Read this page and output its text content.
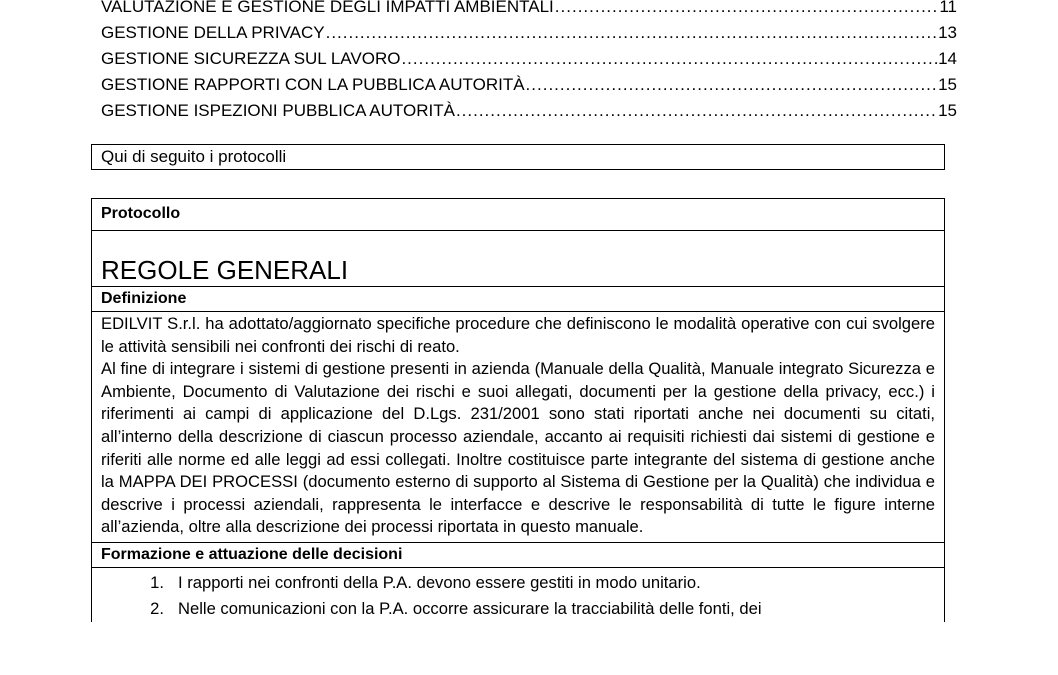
VALUTAZIONE E GESTIONE DEGLI IMPATTI AMBIENTALI .....	11
GESTIONE DELLA PRIVACY .....	13
GESTIONE SICUREZZA SUL LAVORO .....	14
GESTIONE RAPPORTI CON LA PUBBLICA AUTORITÀ .....	15
GESTIONE ISPEZIONI PUBBLICA AUTORITÀ .....	15
Qui di seguito i protocolli
Protocollo
REGOLE GENERALI
Definizione

EDILVIT S.r.l. ha adottato/aggiornato specifiche procedure che definiscono le modalità operative con cui svolgere le attività sensibili nei confronti dei rischi di reato.

Al fine di integrare i sistemi di gestione presenti in azienda (Manuale della Qualità, Manuale integrato Sicurezza e Ambiente, Documento di Valutazione dei rischi e suoi allegati, documenti per la gestione della privacy, ecc.) i riferimenti ai campi di applicazione del D.Lgs. 231/2001 sono stati riportati anche nei documenti su citati, all’interno della descrizione di ciascun processo aziendale, accanto ai requisiti richiesti dai sistemi di gestione e riferiti alle norme ed alle leggi ad essi collegati. Inoltre costituisce parte integrante del sistema di gestione anche la MAPPA DEI PROCESSI (documento esterno di supporto al Sistema di Gestione per la Qualità) che individua e descrive i processi aziendali, rappresenta le interfacce e descrive le responsabilità di tutte le figure interne all’azienda, oltre alla descrizione dei processi riportata in questo manuale.

Formazione e attuazione delle decisioni
1. I rapporti nei confronti della P.A. devono essere gestiti in modo unitario.
2. Nelle comunicazioni con la P.A. occorre assicurare la tracciabilità delle fonti, dei
